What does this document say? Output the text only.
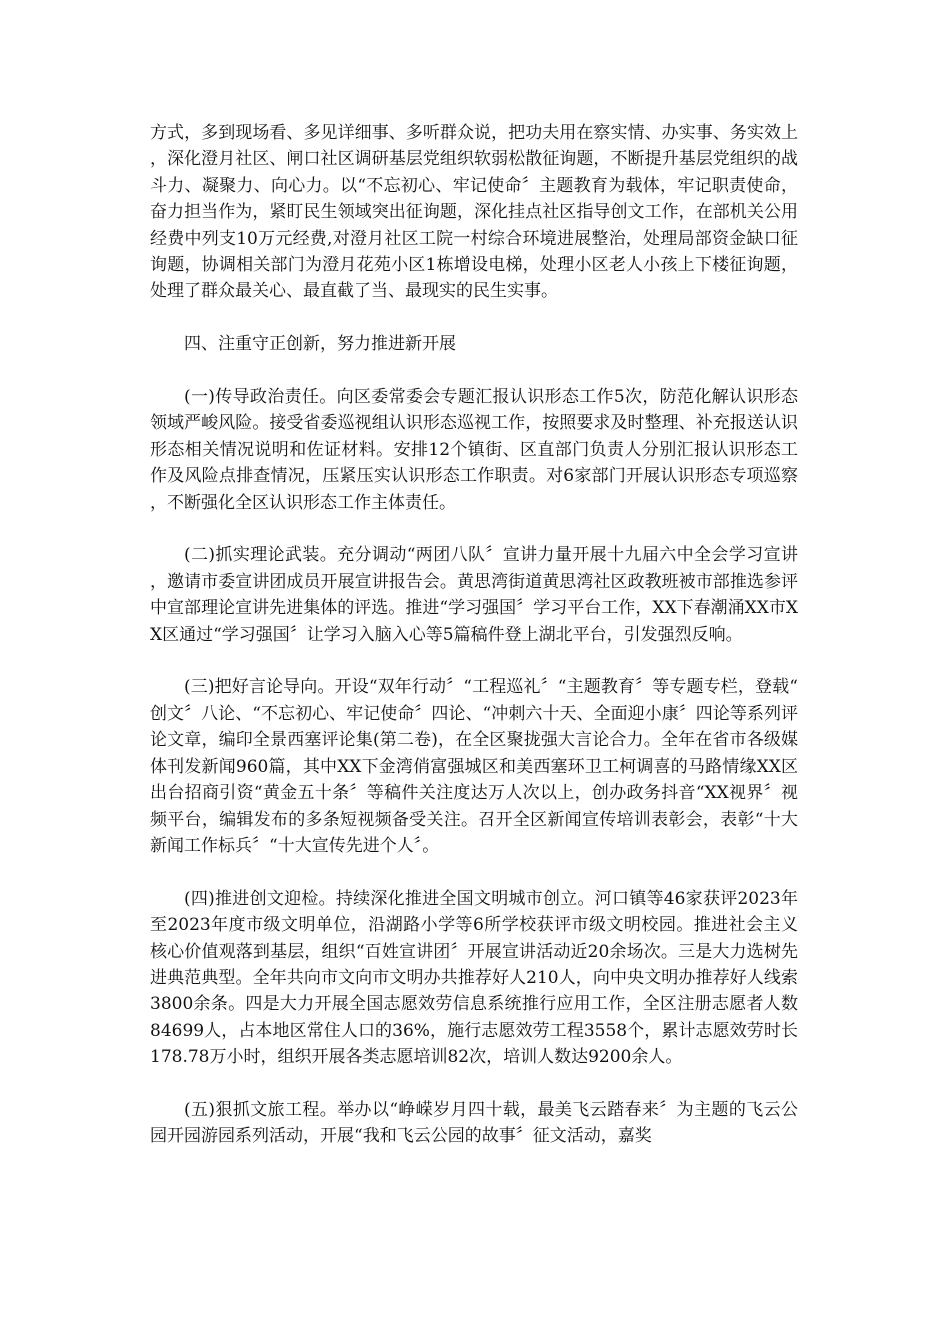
方式，多到现场看、多见详细事、多听群众说，把功夫用在察实情、办实事、务实效上，深化澄月社区、闸口社区调研基层党组织软弱松散征询题，不断提升基层党组织的战斗力、凝聚力、向心力。以“不忘初心、牢记使命〞主题教育为载体，牢记职责使命，奋力担当作为，紧盯民生领域突出征询题，深化挂点社区指导创文工作，在部机关公用经费中列支10万元经费,对澄月社区工院一村综合环境进展整治，处理局部资金缺口征询题，协调相关部门为澄月花苑小区1栋增设电梯，处理小区老人小孩上下楼征询题，处理了群众最关心、最直截了当、最现实的民生实事。

四、注重守正创新，努力推进新开展

(一)传导政治责任。向区委常委会专题汇报认识形态工作5次，防范化解认识形态领域严峻风险。接受省委巡视组认识形态巡视工作，按照要求及时整理、补充报送认识形态相关情况说明和佐证材料。安排12个镇街、区直部门负责人分别汇报认识形态工作及风险点排查情况，压紧压实认识形态工作职责。对6家部门开展认识形态专项巡察，不断强化全区认识形态工作主体责任。

(二)抓实理论武装。充分调动“两团八队〞宣讲力量开展十九届六中全会学习宣讲，邀请市委宣讲团成员开展宣讲报告会。黄思湾街道黄思湾社区政教班被市部推选参评中宣部理论宣讲先进集体的评选。推进“学习强国〞学习平台工作，XX下春潮涌XX市XX区通过“学习强国〞让学习入脑入心等5篇稿件登上湖北平台，引发强烈反响。

(三)把好言论导向。开设“双年行动〞“工程巡礼〞“主题教育〞等专题专栏，登载“创文〞八论、“不忘初心、牢记使命〞四论、“冲刺六十天、全面迎小康〞四论等系列评论文章，编印全景西塞评论集(第二卷)，在全区聚拢强大言论合力。全年在省市各级媒体刊发新闻960篇，其中XX下金湾俏富强城区和美西塞环卫工柯调喜的马路情缘XX区出台招商引资“黄金五十条〞等稿件关注度达万人次以上，创办政务抖音“XX视界〞视频平台，编辑发布的多条短视频备受关注。召开全区新闻宣传培训表彰会，表彰“十大新闻工作标兵〞“十大宣传先进个人〞。

(四)推进创文迎检。持续深化推进全国文明城市创立。河口镇等46家获评2023年至2023年度市级文明单位，沿湖路小学等6所学校获评市级文明校园。推进社会主义核心价值观落到基层，组织“百姓宣讲团〞开展宣讲活动近20余场次。三是大力选树先进典范典型。全年共向市文向市文明办共推荐好人210人，向中央文明办推荐好人线索3800余条。四是大力开展全国志愿效劳信息系统推行应用工作，全区注册志愿者人数84699人，占本地区常住人口的36%，施行志愿效劳工程3558个，累计志愿效劳时长178.78万小时，组织开展各类志愿培训82次，培训人数达9200余人。

(五)狠抓文旅工程。举办以“峥嵘岁月四十载，最美飞云踏春来〞为主题的飞云公园开园游园系列活动，开展“我和飞云公园的故事〞征文活动，嘉奖
